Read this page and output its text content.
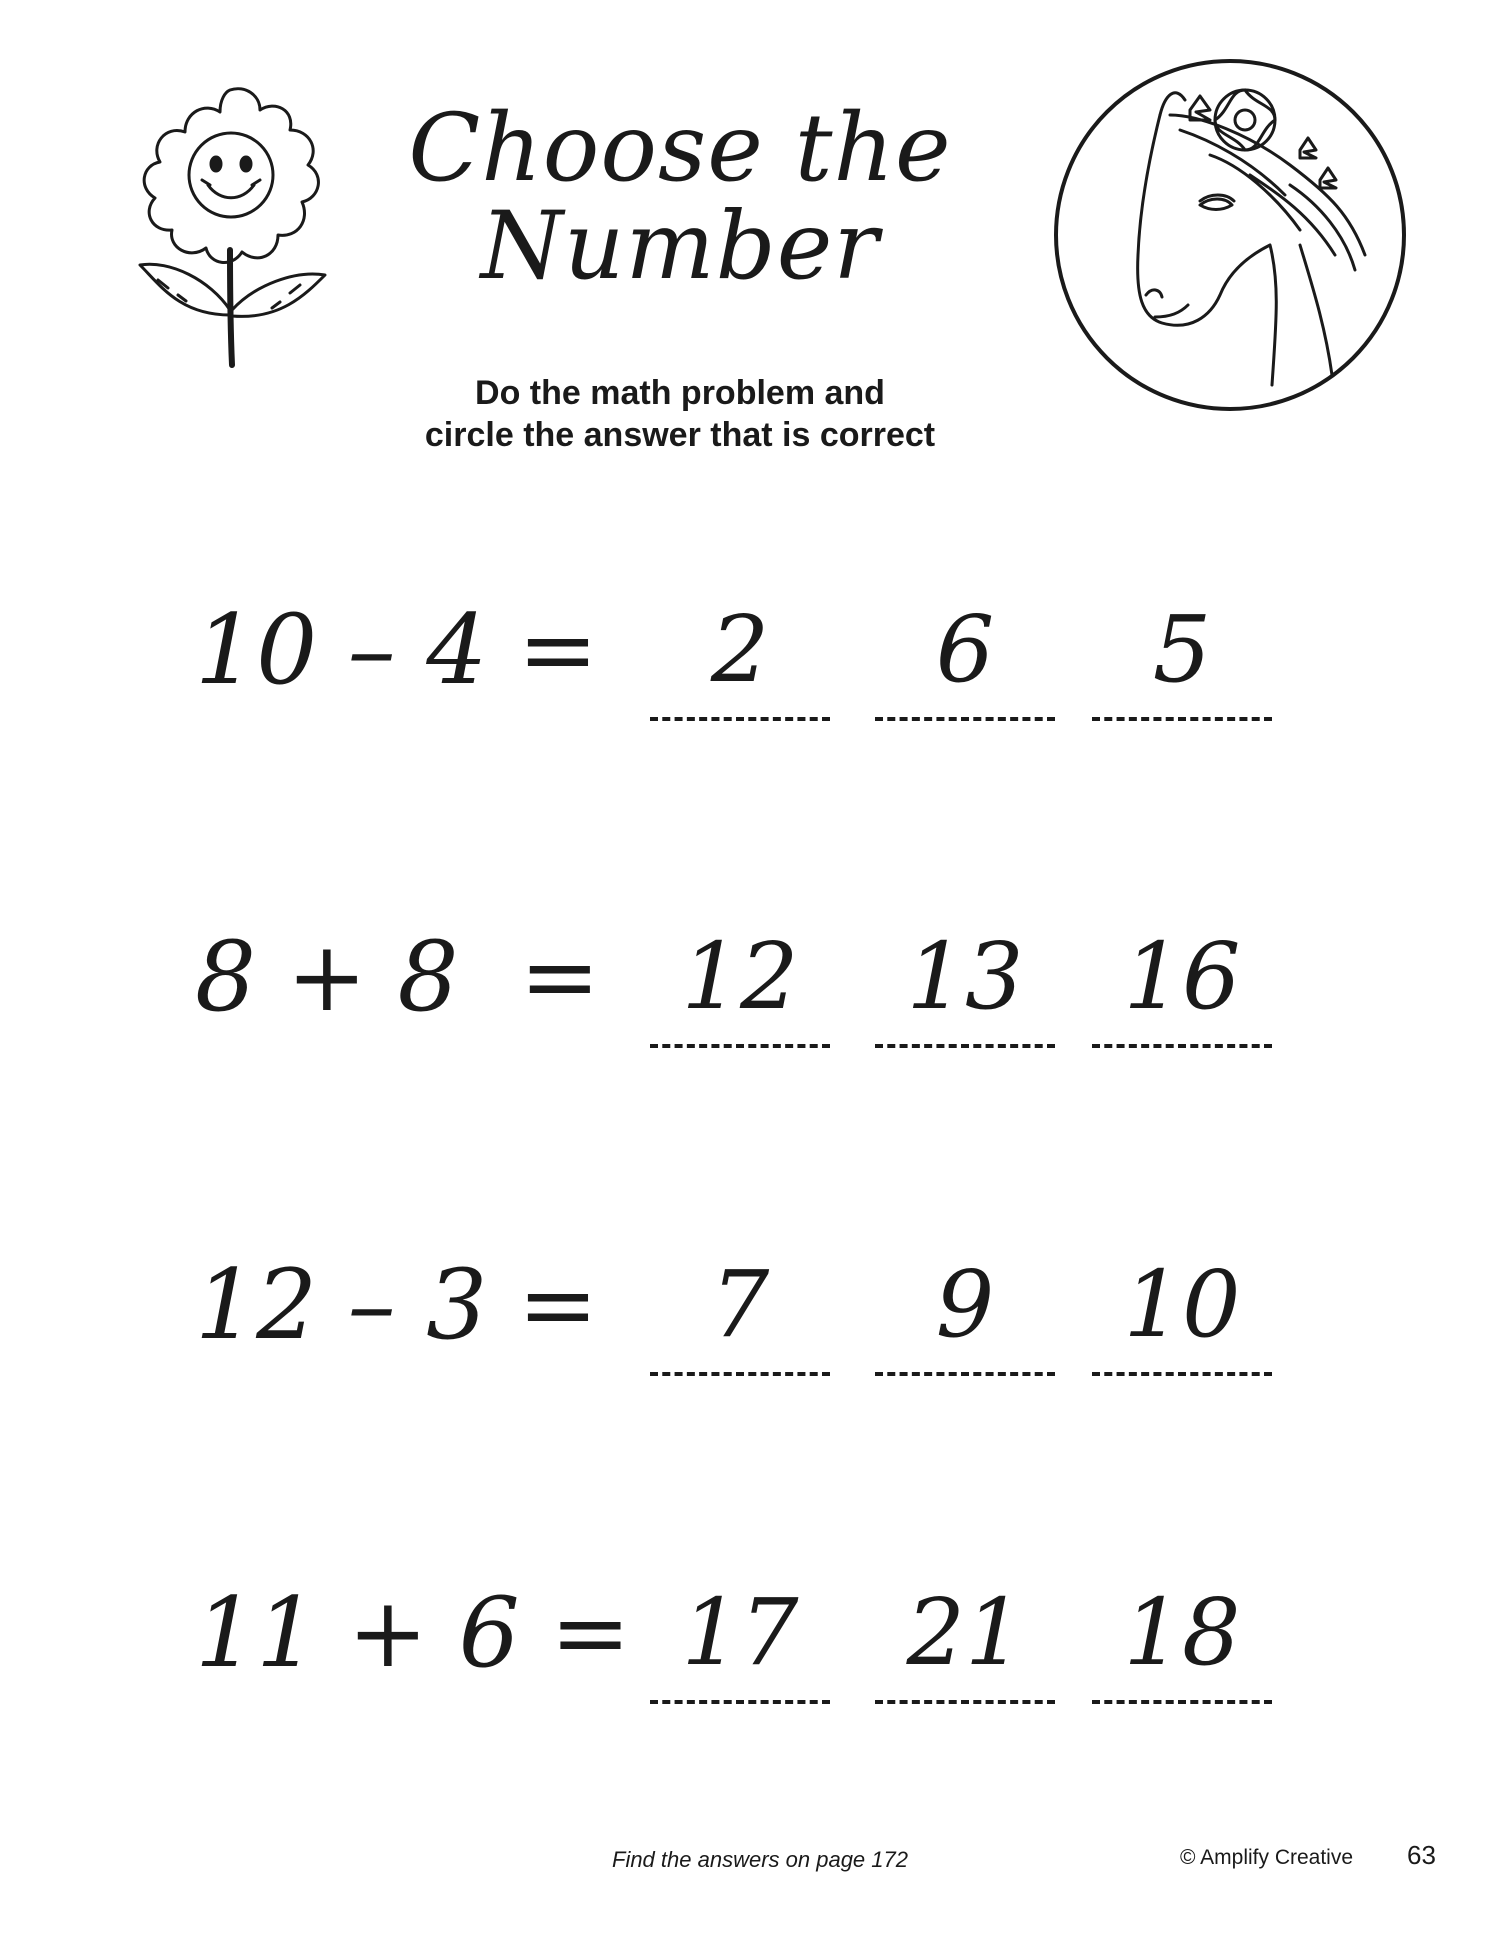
Choose the
Number
Do the math problem and
circle the answer that is correct
10 – 4 =	2	6	5
8 + 8  = 12	13	16
12 – 3 =	7	9	10
11 + 6 = 17	21	18
Find the answers on page 172	© Amplify Creative 63
